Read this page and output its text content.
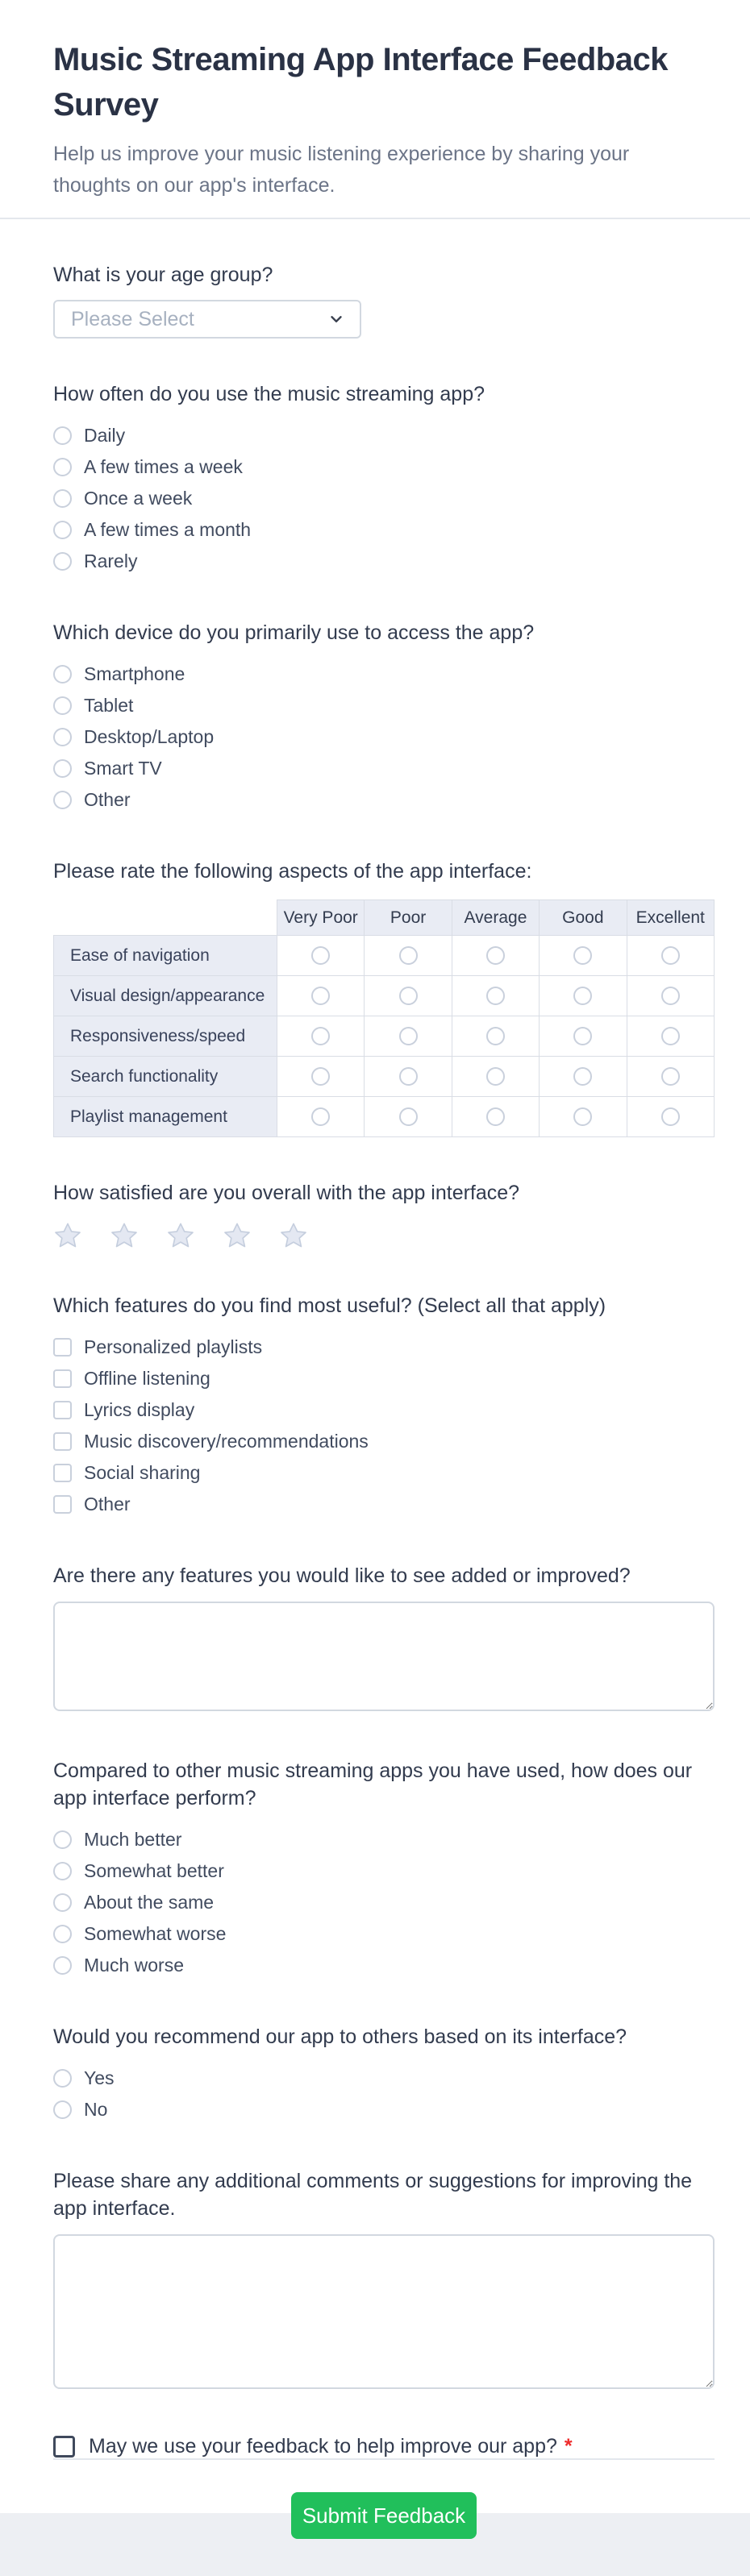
Music Streaming App Interface Feedback Survey

Help us improve your music listening experience by sharing your thoughts on our app's interface.

What is your age group?
Please Select
How often do you use the music streaming app?
Daily
A few times a week
Once a week
A few times a month
Rarely
Which device do you primarily use to access the app?
Smartphone
Tablet
Desktop/Laptop
Smart TV
Other
Please rate the following aspects of the app interface:
	Very Poor	Poor	Average	Good	Excellent
Ease of navigation					
Visual design/appearance					
Responsiveness/speed					
Search functionality					
Playlist management					
How satisfied are you overall with the app interface?
Which features do you find most useful? (Select all that apply)
Personalized playlists
Offline listening
Lyrics display
Music discovery/recommendations
Social sharing
Other
Are there any features you would like to see added or improved?
Compared to other music streaming apps you have used, how does our app interface perform?
Much better
Somewhat better
About the same
Somewhat worse
Much worse
Would you recommend our app to others based on its interface?
Yes
No
Please share any additional comments or suggestions for improving the app interface.
May we use your feedback to help improve our app? *
Submit Feedback
